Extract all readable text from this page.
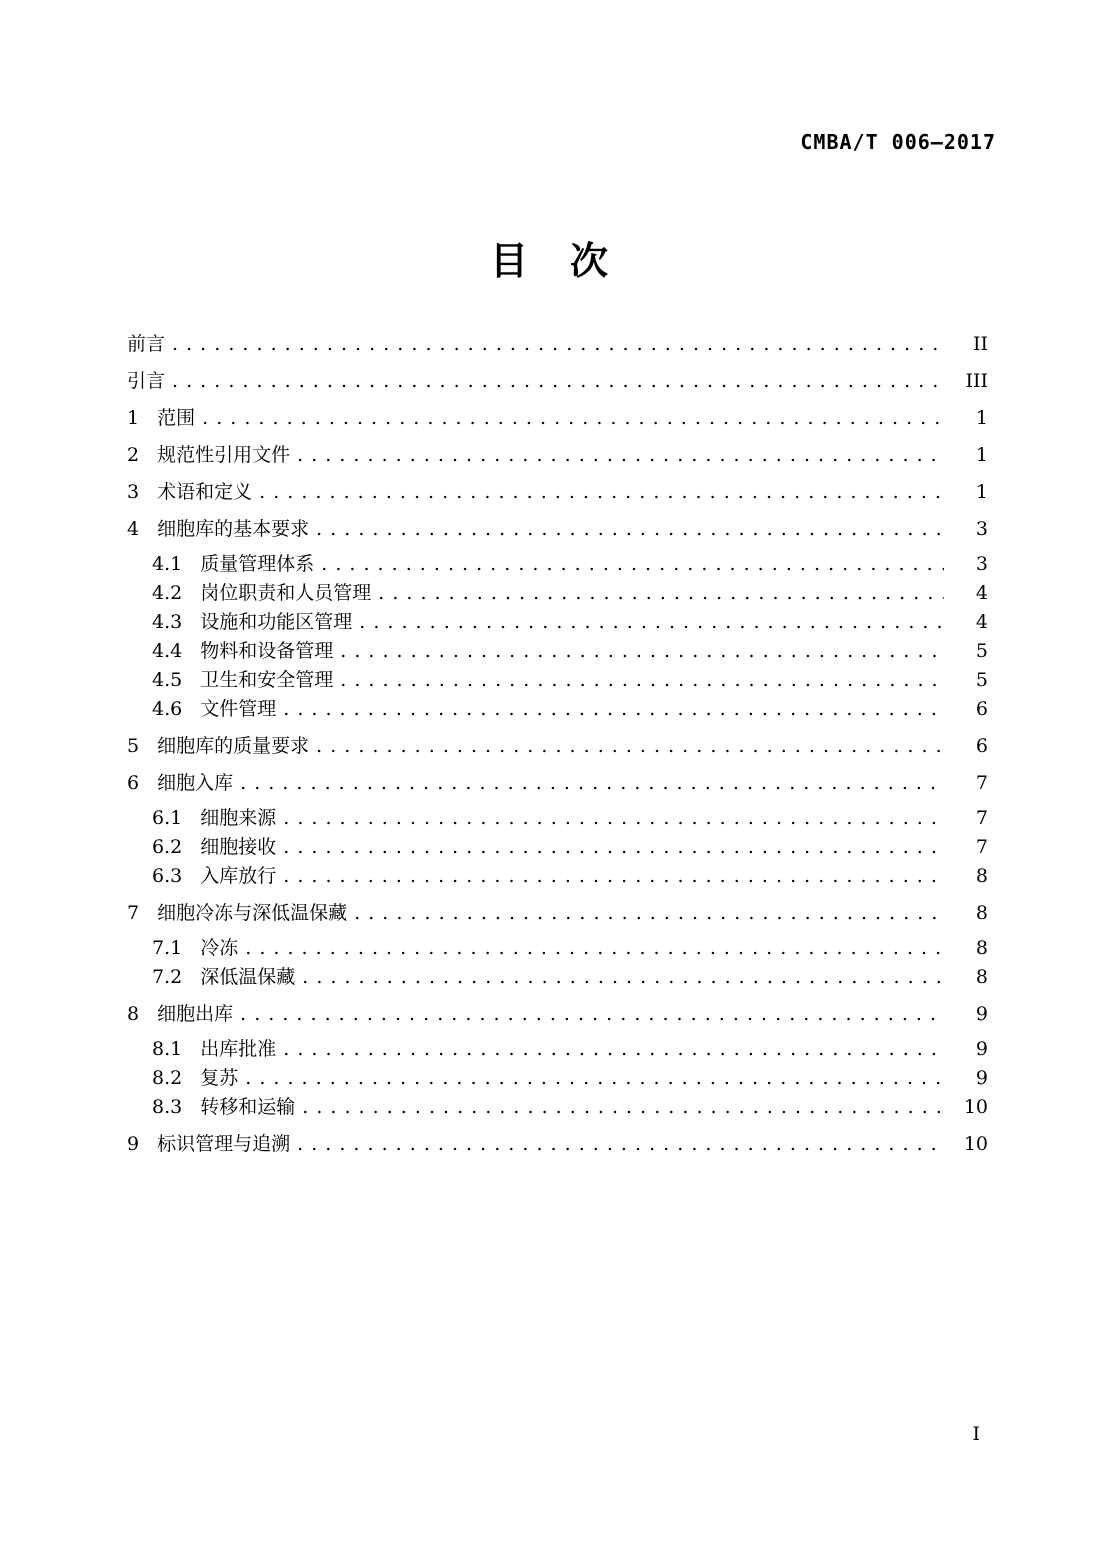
CMBA/T 006—2017
目　次
前言 . . .	II
引言 . . .	III
1 范围 . . .	1
2 规范性引用文件 . . .	1
3 术语和定义 . . .	1
4 细胞库的基本要求 . . .	3
4.1 质量管理体系 . . .	3
4.2 岗位职责和人员管理 . . .	4
4.3 设施和功能区管理 . . .	4
4.4 物料和设备管理 . . .	5
4.5 卫生和安全管理 . . .	5
4.6 文件管理 . . .	6
5 细胞库的质量要求 . . .	6
6 细胞入库 . . .	7
6.1 细胞来源 . . .	7
6.2 细胞接收 . . .	7
6.3 入库放行 . . .	8
7 细胞冷冻与深低温保藏 . . .	8
7.1 冷冻 . . .	8
7.2 深低温保藏 . . .	8
8 细胞出库 . . .	9
8.1 出库批准 . . .	9
8.2 复苏 . . .	9
8.3 转移和运输 . . .	10
9 标识管理与追溯 . . .	10
I
